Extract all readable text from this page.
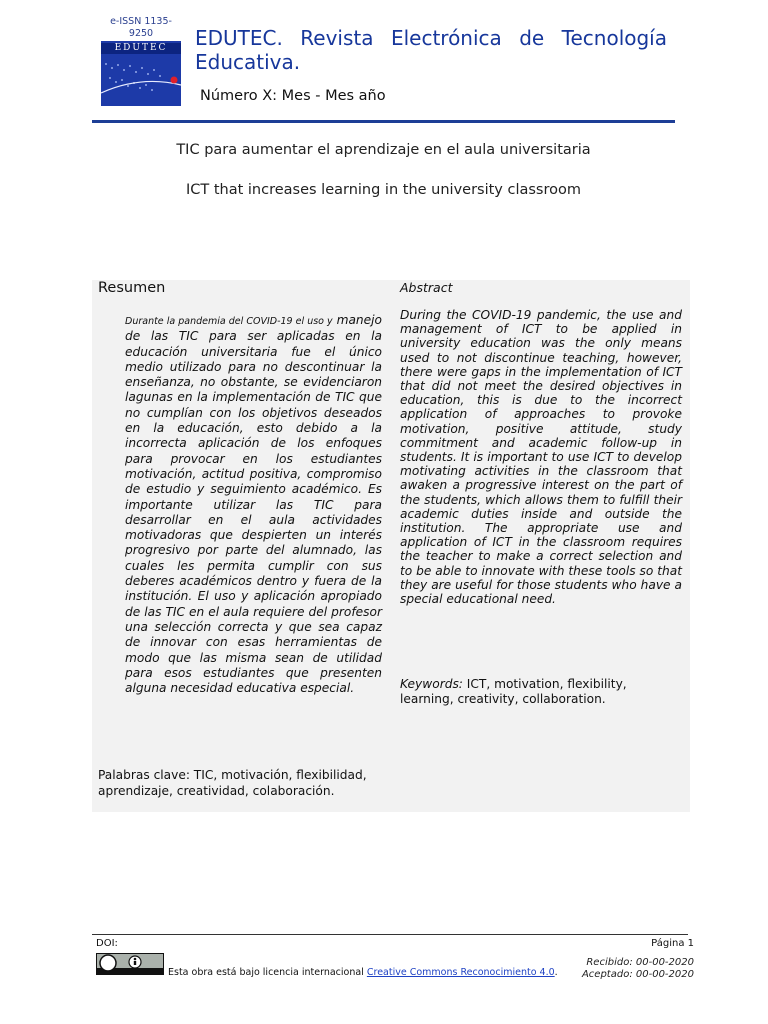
e-ISSN 1135-9250
EDUTEC	EDUTEC. Revista Electrónica de Tecnología
Educativa.
Número X: Mes - Mes año
TIC para aumentar el aprendizaje en el aula universitaria
ICT that increases learning in the university classroom
Resumen
Durante la pandemia del COVID-19 el uso y manejo de las TIC para ser aplicadas en la educación universitaria fue el único medio utilizado para no descontinuar la enseñanza, no obstante, se evidenciaron lagunas en la implementación de TIC que no cumplían con los objetivos deseados en la educación, esto debido a la incorrecta aplicación de los enfoques para provocar en los estudiantes motivación, actitud positiva, compromiso de estudio y seguimiento académico. Es importante utilizar las TIC para desarrollar en el aula actividades motivadoras que despierten un interés progresivo por parte del alumnado, las cuales les permita cumplir con sus deberes académicos dentro y fuera de la institución. El uso y aplicación apropiado de las TIC en el aula requiere del profesor una selección correcta y que sea capaz de innovar con esas herramientas de modo que las misma sean de utilidad para esos estudiantes que presenten alguna necesidad educativa especial.
Palabras clave: TIC, motivación, flexibilidad, aprendizaje, creatividad, colaboración.
Abstract
During the COVID-19 pandemic, the use and management of ICT to be applied in university education was the only means used to not discontinue teaching, however, there were gaps in the implementation of ICT that did not meet the desired objectives in education, this is due to the incorrect application of approaches to provoke motivation, positive attitude, study commitment and academic follow-up in students. It is important to use ICT to develop motivating activities in the classroom that awaken a progressive interest on the part of the students, which allows them to fulfill their academic duties inside and outside the institution. The appropriate use and application of ICT in the classroom requires the teacher to make a correct selection and to be able to innovate with these tools so that they are useful for those students who have a special educational need.
Keywords: ICT, motivation, flexibility, learning, creativity, collaboration.
DOI:	Página 1
Esta obra está bajo licencia internacional Creative Commons Reconocimiento 4.0.
Recibido: 00-00-2020
Aceptado: 00-00-2020
